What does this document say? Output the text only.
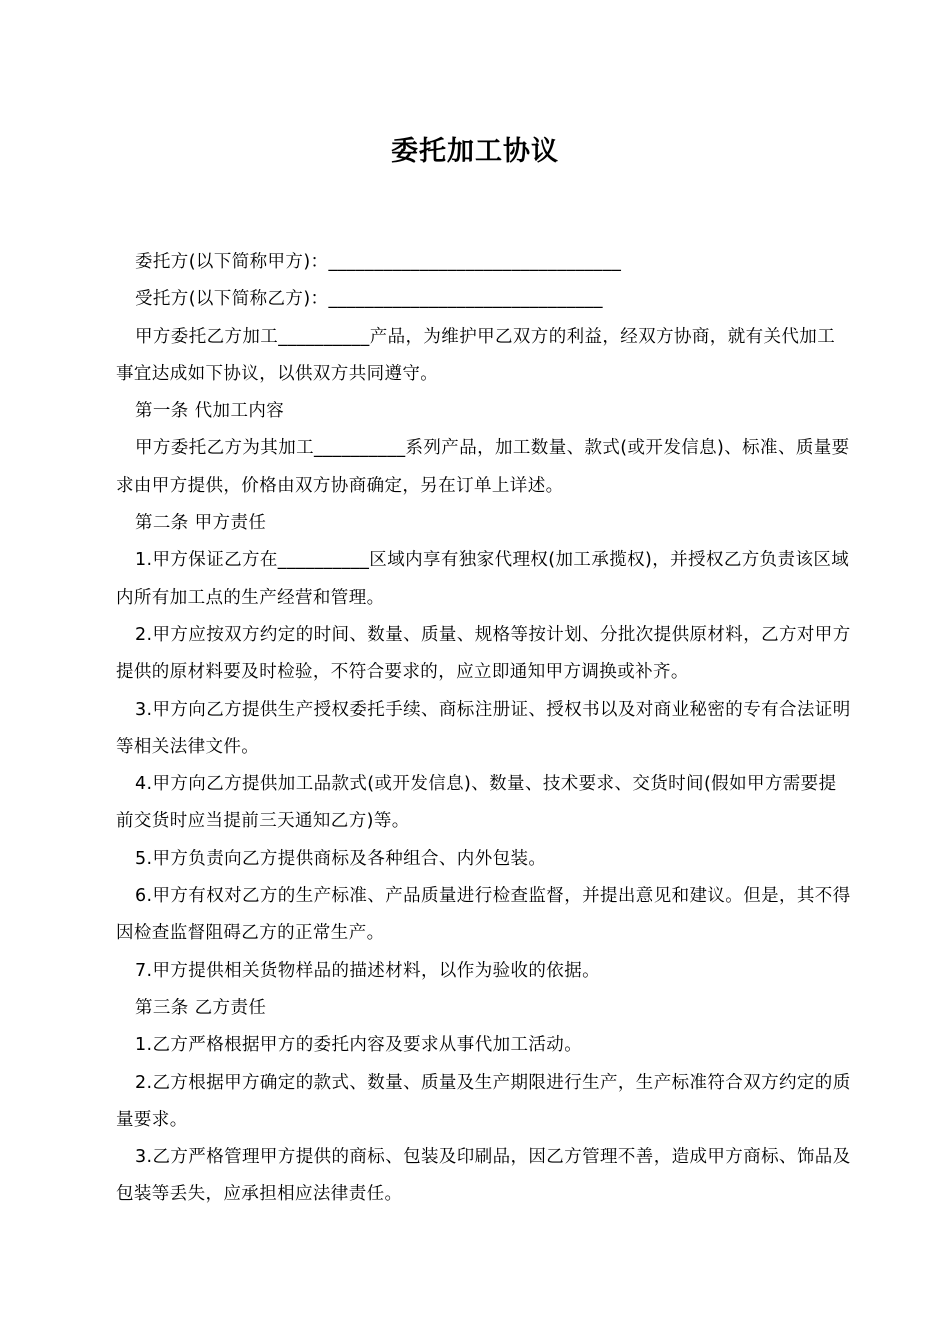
委托加工协议

委托方(以下简称甲方)：________________________________

受托方(以下简称乙方)：______________________________

甲方委托乙方加工__________产品，为维护甲乙双方的利益，经双方协商，就有关代加工事宜达成如下协议，以供双方共同遵守。

第一条 代加工内容

甲方委托乙方为其加工__________系列产品，加工数量、款式(或开发信息)、标准、质量要求由甲方提供，价格由双方协商确定，另在订单上详述。

第二条 甲方责任

1.甲方保证乙方在__________区域内享有独家代理权(加工承揽权)，并授权乙方负责该区域内所有加工点的生产经营和管理。

2.甲方应按双方约定的时间、数量、质量、规格等按计划、分批次提供原材料，乙方对甲方提供的原材料要及时检验，不符合要求的，应立即通知甲方调换或补齐。

3.甲方向乙方提供生产授权委托手续、商标注册证、授权书以及对商业秘密的专有合法证明等相关法律文件。

4.甲方向乙方提供加工品款式(或开发信息)、数量、技术要求、交货时间(假如甲方需要提前交货时应当提前三天通知乙方)等。

5.甲方负责向乙方提供商标及各种组合、内外包装。

6.甲方有权对乙方的生产标准、产品质量进行检查监督，并提出意见和建议。但是，其不得因检查监督阻碍乙方的正常生产。

7.甲方提供相关货物样品的描述材料，以作为验收的依据。

第三条 乙方责任

1.乙方严格根据甲方的委托内容及要求从事代加工活动。

2.乙方根据甲方确定的款式、数量、质量及生产期限进行生产，生产标准符合双方约定的质量要求。

3.乙方严格管理甲方提供的商标、包装及印刷品，因乙方管理不善，造成甲方商标、饰品及包装等丢失，应承担相应法律责任。
